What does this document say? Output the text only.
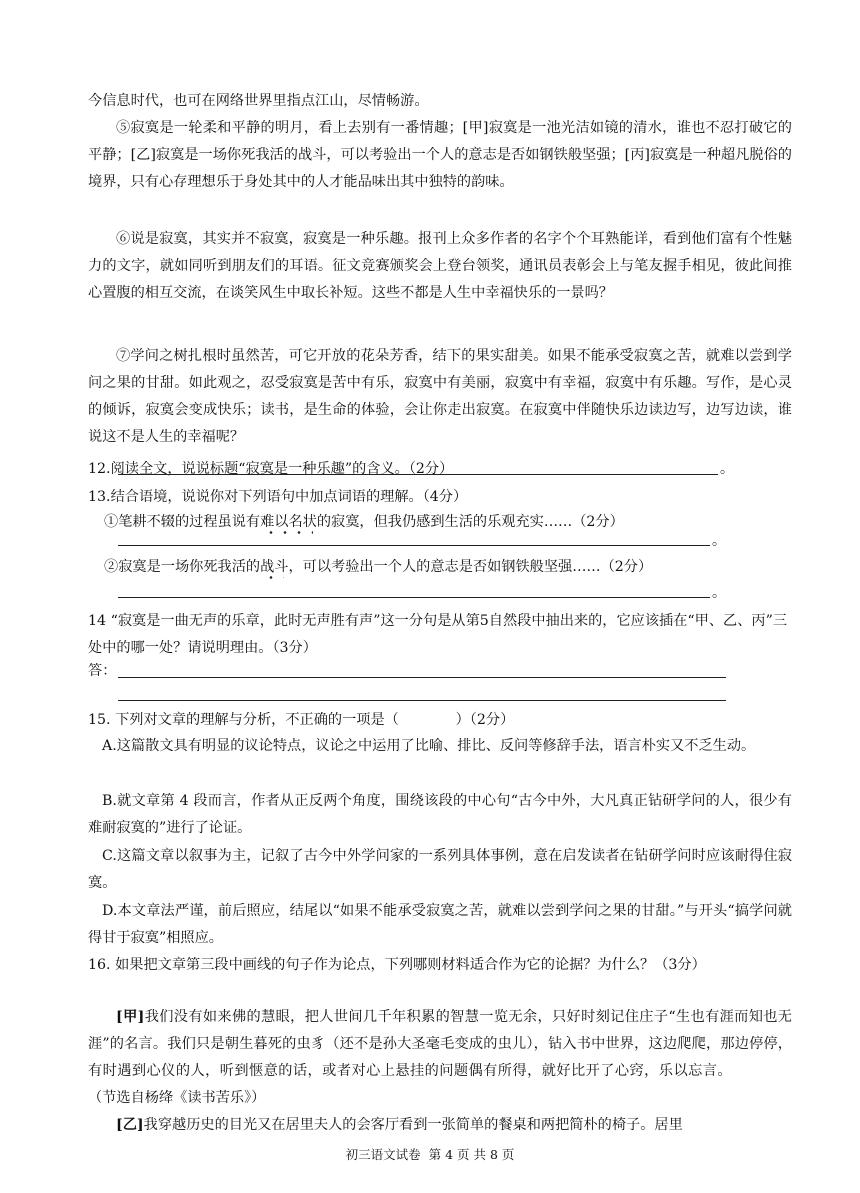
今信息时代，也可在网络世界里指点江山，尽情畅游。
⑤寂寞是一轮柔和平静的明月，看上去别有一番情趣；[甲]寂寞是一池光洁如镜的清水，谁也不忍打破它的平静；[乙]寂寞是一场你死我活的战斗，可以考验出一个人的意志是否如钢铁般坚强；[丙]寂寞是一种超凡脱俗的境界，只有心存理想乐于身处其中的人才能品味出其中独特的韵味。
⑥说是寂寞，其实并不寂寞，寂寞是一种乐趣。报刊上众多作者的名字个个耳熟能详，看到他们富有个性魅力的文字，就如同听到朋友们的耳语。征文竞赛颁奖会上登台领奖，通讯员表彰会上与笔友握手相见，彼此间推心置腹的相互交流，在谈笑风生中取长补短。这些不都是人生中幸福快乐的一景吗？
⑦学问之树扎根时虽然苦，可它开放的花朵芳香，结下的果实甜美。如果不能承受寂寞之苦，就难以尝到学问之果的甘甜。如此观之，忍受寂寞是苦中有乐，寂寞中有美丽，寂寞中有幸福，寂寞中有乐趣。写作，是心灵的倾诉，寂寞会变成快乐；读书，是生命的体验，会让你走出寂寞。在寂寞中伴随快乐边读边写，边写边读，谁说这不是人生的幸福呢？
12.阅读全文，说说标题“寂寞是一种乐趣”的含义。（2分）	。
13.结合语境，说说你对下列语句中加点词语的理解。（4分）
①笔耕不辍的过程虽说有难以名状的寂寞，但我仍感到生活的乐观充实……（2分）
。
②寂寞是一场你死我活的战斗，可以考验出一个人的意志是否如钢铁般坚强……（2分）
。
14 “寂寞是一曲无声的乐章，此时无声胜有声”这一分句是从第5自然段中抽出来的，它应该插在“甲、乙、丙”三处中的哪一处？请说明理由。（3分）
答：
15. 下列对文章的理解与分析，不正确的一项是（　　　　）（2分）
A.这篇散文具有明显的议论特点，议论之中运用了比喻、排比、反问等修辞手法，语言朴实又不乏生动。
B.就文章第 4 段而言，作者从正反两个角度，围绕该段的中心句“古今中外，大凡真正钻研学问的人，很少有难耐寂寞的”进行了论证。
C.这篇文章以叙事为主，记叙了古今中外学问家的一系列具体事例，意在启发读者在钻研学问时应该耐得住寂寞。
D.本文章法严谨，前后照应，结尾以“如果不能承受寂寞之苦，就难以尝到学问之果的甘甜。”与开头“搞学问就得甘于寂寞”相照应。
16. 如果把文章第三段中画线的句子作为论点，下列哪则材料适合作为它的论据？为什么？（3分）
[甲]我们没有如来佛的慧眼，把人世间几千年积累的智慧一览无余，只好时刻记住庄子“生也有涯而知也无涯”的名言。我们只是朝生暮死的虫豸（还不是孙大圣毫毛变成的虫儿），钻入书中世界，这边爬爬，那边停停，有时遇到心仪的人，听到惬意的话，或者对心上悬挂的问题偶有所得，就好比开了心窍，乐以忘言。（节选自杨绛《读书苦乐》）
[乙]我穿越历史的目光又在居里夫人的会客厅看到一张简单的餐桌和两把简朴的椅子。居里
初三语文试卷 第 4 页 共 8 页
